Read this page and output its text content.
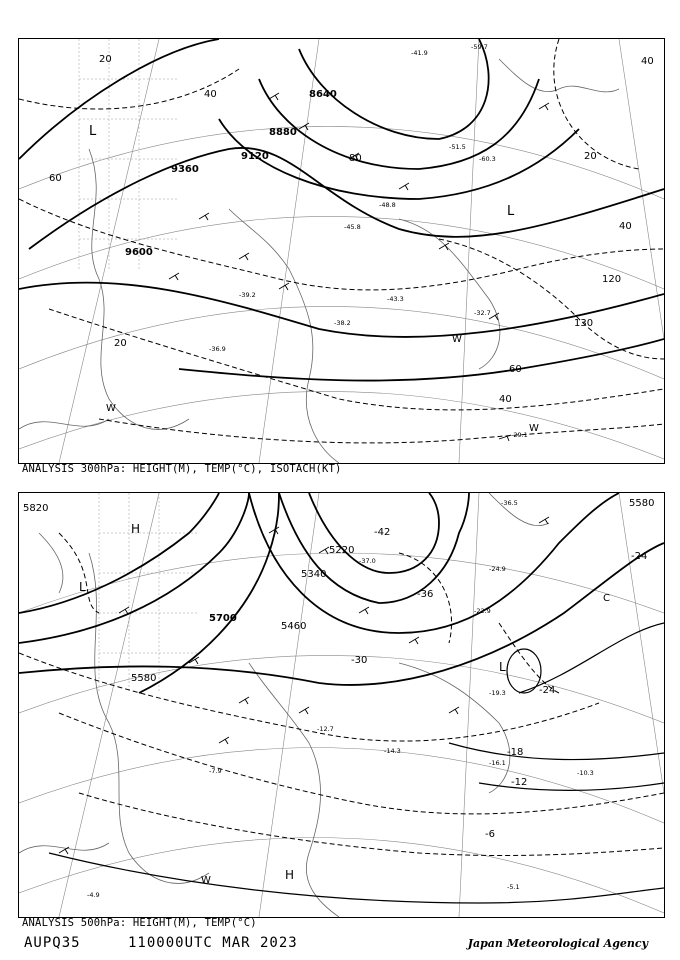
8640
8880
9120
9360
9600
20
40
60
80
120
130
20
40
60
20
40
40
L
L
W
W
W
-41.9
-59.7
-51.5
-60.3
-48.8
-43.3
-39.2
-36.9
-45.8
-29.1
-32.7
-38.2
ANALYSIS 300hPa: HEIGHT(M), TEMP(°C), ISOTACH(KT)
5820
5700
5580
5460
5340
5220
5580
-42
-36
-30
-24
-18
-12
-6
-24
H
L
L
C
W	H
-36.5
-37.0
-22.9
-19.3
-14.3
-16.1
-10.3
-5.1
-4.9
-7.9
-12.7
-24.9
ANALYSIS 500hPa: HEIGHT(M), TEMP(°C)
AUPQ35	110000UTC MAR 2023	Japan Meteorological Agency
